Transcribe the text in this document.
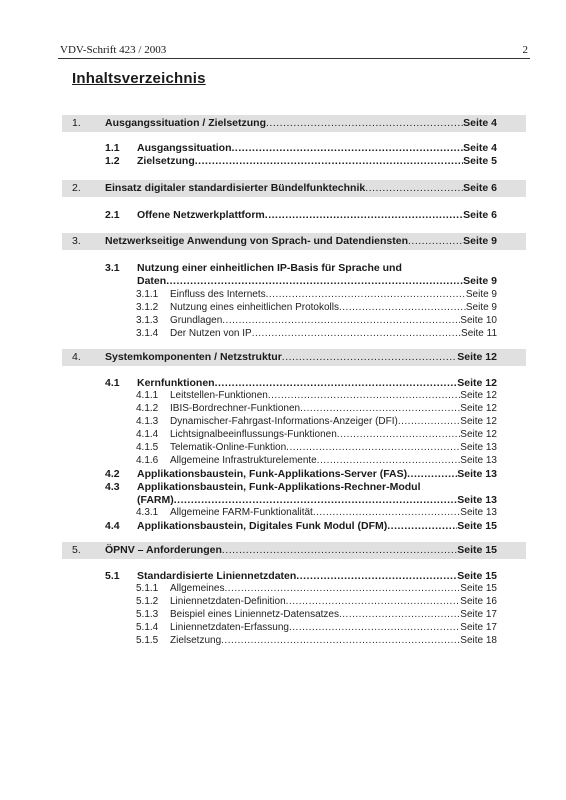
VDV-Schrift 423 / 2003	2
Inhaltsverzeichnis
1.	Ausgangssituation / Zielsetzung .....	Seite 4
1.1	Ausgangssituation .....	Seite 4
1.2	Zielsetzung .....	Seite 5
2.	Einsatz digitaler standardisierter Bündelfunktechnik .....	Seite 6
2.1	Offene Netzwerkplattform .....	Seite 6
3.	Netzwerkseitige Anwendung von Sprach- und Datendiensten .....	Seite 9
3.1	Nutzung einer einheitlichen IP-Basis für Sprache und
Daten .....	Seite 9
3.1.1	Einfluss des Internets .....	Seite 9
3.1.2	Nutzung eines einheitlichen Protokolls .....	Seite 9
3.1.3	Grundlagen .....	Seite 10
3.1.4	Der Nutzen von IP .....	Seite 11
4.	Systemkomponenten / Netzstruktur .....	Seite 12
4.1	Kernfunktionen .....	Seite 12
4.1.1	Leitstellen-Funktionen .....	Seite 12
4.1.2	IBIS-Bordrechner-Funktionen .....	Seite 12
4.1.3	Dynamischer-Fahrgast-Informations-Anzeiger (DFI) .....	Seite 12
4.1.4	Lichtsignalbeeinflussungs-Funktionen .....	Seite 12
4.1.5	Telematik-Online-Funktion .....	Seite 13
4.1.6	Allgemeine Infrastrukturelemente .....	Seite 13
4.2	Applikationsbaustein, Funk-Applikations-Server (FAS) .....	Seite 13
4.3	Applikationsbaustein, Funk-Applikations-Rechner-Modul
(FARM) .....	Seite 13
4.3.1	Allgemeine FARM-Funktionalität .....	Seite 13
4.4	Applikationsbaustein, Digitales Funk Modul (DFM) .....	Seite 15
5.	ÖPNV – Anforderungen .....	Seite 15
5.1	Standardisierte Liniennetzdaten .....	Seite 15
5.1.1	Allgemeines .....	Seite 15
5.1.2	Liniennetzdaten-Definition .....	Seite 16
5.1.3	Beispiel eines Liniennetz-Datensatzes .....	Seite 17
5.1.4	Liniennetzdaten-Erfassung .....	Seite 17
5.1.5	Zielsetzung .....	Seite 18
